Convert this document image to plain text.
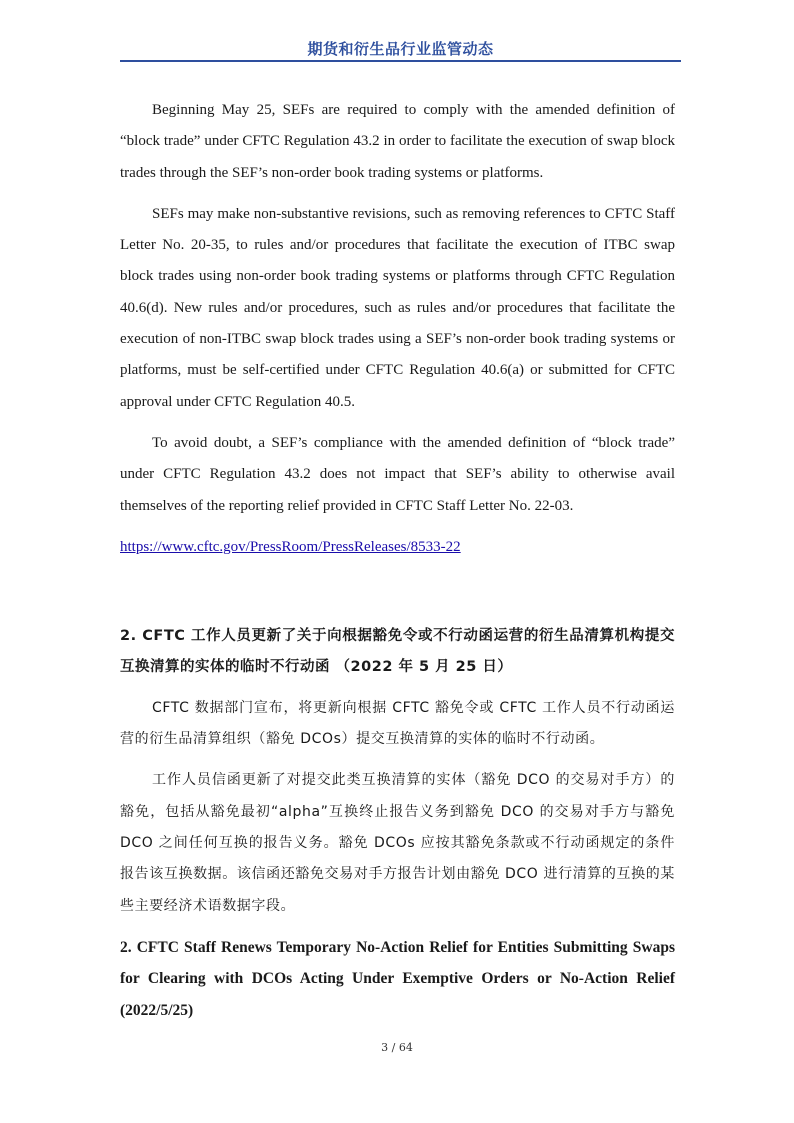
期货和衍生品行业监管动态

Beginning May 25, SEFs are required to comply with the amended definition of “block trade” under CFTC Regulation 43.2 in order to facilitate the execution of swap block trades through the SEF’s non-order book trading systems or platforms.

SEFs may make non-substantive revisions, such as removing references to CFTC Staff Letter No. 20-35, to rules and/or procedures that facilitate the execution of ITBC swap block trades using non-order book trading systems or platforms through CFTC Regulation 40.6(d). New rules and/or procedures, such as rules and/or procedures that facilitate the execution of non-ITBC swap block trades using a SEF’s non-order book trading systems or platforms, must be self-certified under CFTC Regulation 40.6(a) or submitted for CFTC approval under CFTC Regulation 40.5.

To avoid doubt, a SEF’s compliance with the amended definition of “block trade” under CFTC Regulation 43.2 does not impact that SEF’s ability to otherwise avail themselves of the reporting relief provided in CFTC Staff Letter No. 22-03.

https://www.cftc.gov/PressRoom/PressReleases/8533-22
2. CFTC 工作人员更新了关于向根据豁免令或不行动函运营的衍生品清算机构提交互换清算的实体的临时不行动函 （2022 年 5 月 25 日）

CFTC 数据部门宣布，将更新向根据 CFTC 豁免令或 CFTC 工作人员不行动函运营的衍生品清算组织（豁免 DCOs）提交互换清算的实体的临时不行动函。

工作人员信函更新了对提交此类互换清算的实体（豁免 DCO 的交易对手方）的豁免，包括从豁免最初“alpha”互换终止报告义务到豁免 DCO 的交易对手方与豁免 DCO 之间任何互换的报告义务。豁免 DCOs 应按其豁免条款或不行动函规定的条件报告该互换数据。该信函还豁免交易对手方报告计划由豁免 DCO 进行清算的互换的某些主要经济术语数据字段。

2. CFTC Staff Renews Temporary No-Action Relief for Entities Submitting Swaps for Clearing with DCOs Acting Under Exemptive Orders or No-Action Relief (2022/5/25)
3 / 64
